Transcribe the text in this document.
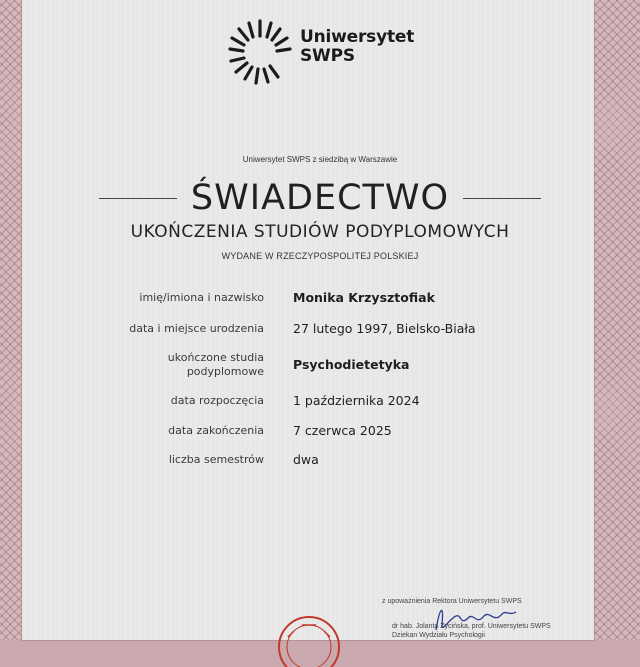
Uniwersytet
SWPS
Uniwersytet SWPS z siedzibą w Warszawie
ŚWIADECTWO
UKOŃCZENIA STUDIÓW PODYPLOMOWYCH
WYDANE W RZECZYPOSPOLITEJ POLSKIEJ
imię/imiona i nazwisko Monika Krzysztofiak
data i miejsce urodzenia 27 lutego 1997, Bielsko-Biała
ukończone studia
podyplomowe Psychodietetyka
data rozpoczęcia 1 października 2024
data zakończenia 7 czerwca 2025
liczba semestrów dwa
z upoważnienia Rektora Uniwersytetu SWPS
dr hab. Jolanta Życińska, prof. Uniwersytetu SWPS
Dziekan Wydziału Psychologii
